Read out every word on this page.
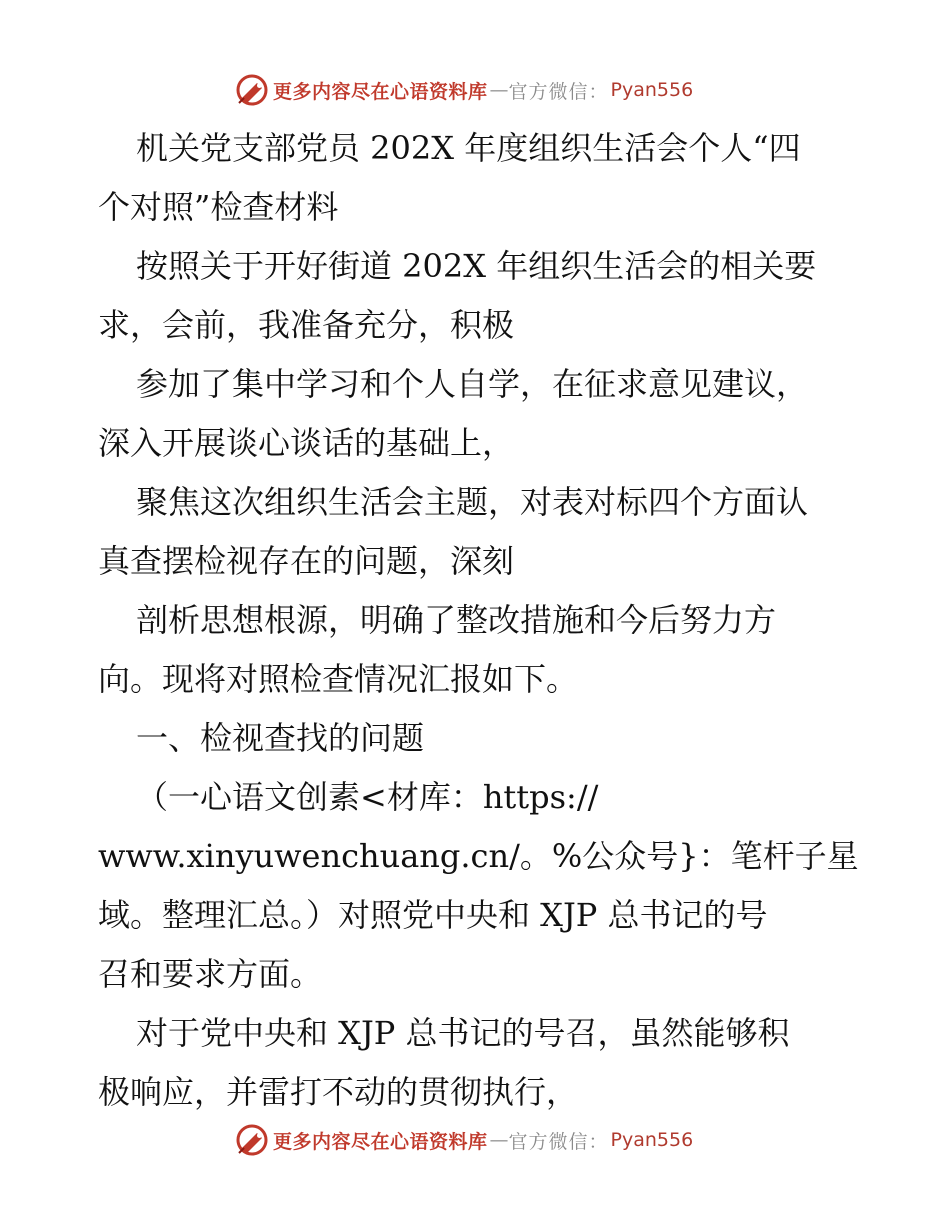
更多内容尽在心语资料库 — 官方微信： Pyan556
机关党支部党员 202X 年度组织生活会个人“四
个对照”检查材料
按照关于开好街道 202X 年组织生活会的相关要
求，会前，我准备充分，积极
参加了集中学习和个人自学，在征求意见建议，
深入开展谈心谈话的基础上，
聚焦这次组织生活会主题，对表对标四个方面认
真查摆检视存在的问题，深刻
剖析思想根源，明确了整改措施和今后努力方
向。现将对照检查情况汇报如下。
一、检视查找的问题
（一心语文创素<材库：https://
www.xinyuwenchuang.cn/。%公众号}：笔杆子星
域。整理汇总。）对照党中央和 XJP 总书记的号
召和要求方面。
对于党中央和 XJP 总书记的号召，虽然能够积
极响应，并雷打不动的贯彻执行，
更多内容尽在心语资料库 — 官方微信： Pyan556
